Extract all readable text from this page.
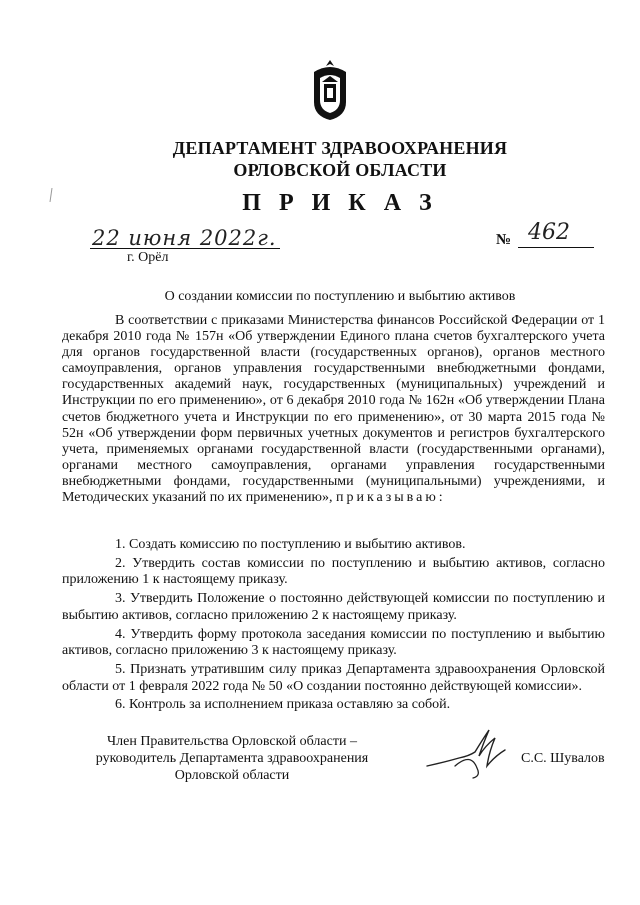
ДЕПАРТАМЕНТ ЗДРАВООХРАНЕНИЯ
ОРЛОВСКОЙ ОБЛАСТИ
П Р И К А З
22 июня 2022г.	№ 462
г. Орёл
О создании комиссии по поступлению и выбытию активов
В соответствии с приказами Министерства финансов Российской Федерации от 1 декабря 2010 года № 157н «Об утверждении Единого плана счетов бухгалтерского учета для органов государственной власти (государственных органов), органов местного самоуправления, органов управления государственными внебюджетными фондами, государственных академий наук, государственных (муниципальных) учреждений и Инструкции по его применению», от 6 декабря 2010 года № 162н «Об утверждении Плана счетов бюджетного учета и Инструкции по его применению», от 30 марта 2015 года № 52н «Об утверждении форм первичных учетных документов и регистров бухгалтерского учета, применяемых органами государственной власти (государственными органами), органами местного самоуправления, органами управления государственными внебюджетными фондами, государственными (муниципальными) учреждениями, и Методических указаний по их применению», приказываю:

1. Создать комиссию по поступлению и выбытию активов.

2. Утвердить состав комиссии по поступлению и выбытию активов, согласно приложению 1 к настоящему приказу.

3. Утвердить Положение о постоянно действующей комиссии по поступлению и выбытию активов, согласно приложению 2 к настоящему приказу.

4. Утвердить форму протокола заседания комиссии по поступлению и выбытию активов, согласно приложению 3 к настоящему приказу.

5. Признать утратившим силу приказ Департамента здравоохранения Орловской области от 1 февраля 2022 года № 50 «О создании постоянно действующей комиссии».

6. Контроль за исполнением приказа оставляю за собой.

Член Правительства Орловской области –
руководитель Департамента здравоохранения
Орловской области
С.С. Шувалов
